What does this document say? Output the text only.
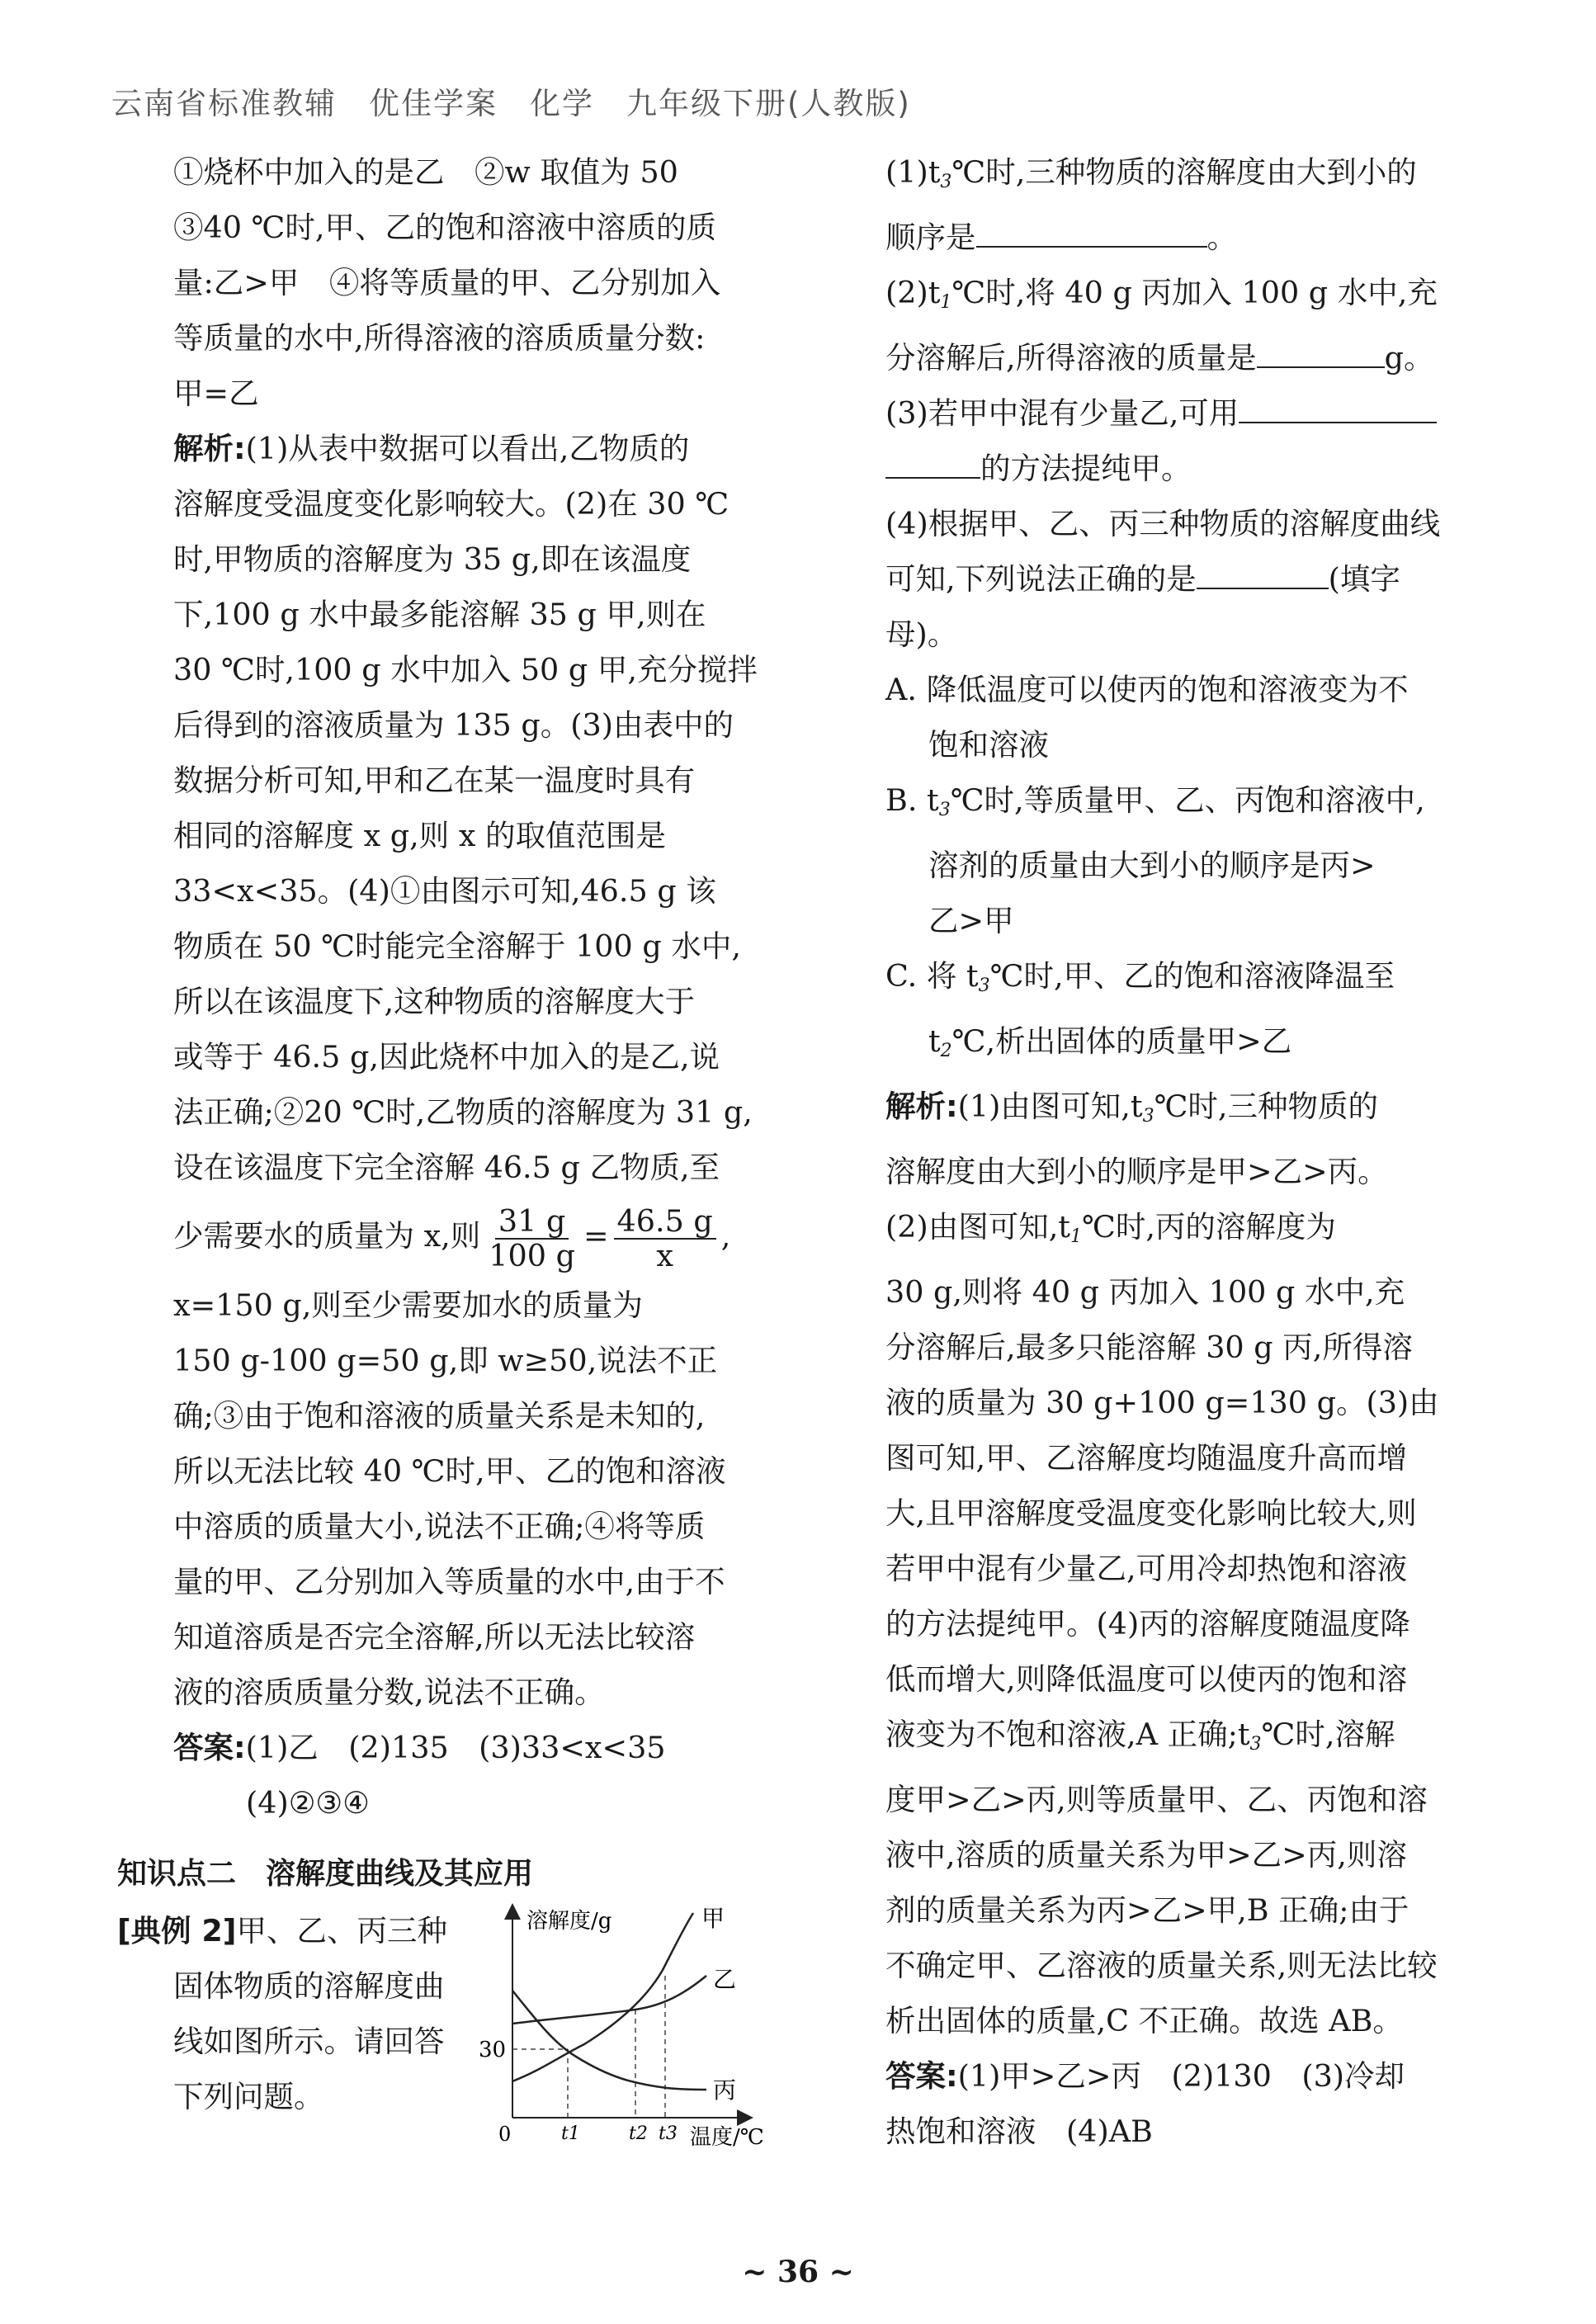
云南省标准教辅　优佳学案　化学　九年级下册(人教版)

①烧杯中加入的是乙　②w 取值为 50

③40 ℃时,甲、乙的饱和溶液中溶质的质

量:乙>甲　④将等质量的甲、乙分别加入

等质量的水中,所得溶液的溶质质量分数:

甲=乙

解析:(1)从表中数据可以看出,乙物质的

溶解度受温度变化影响较大。(2)在 30 ℃

时,甲物质的溶解度为 35 g,即在该温度

下,100 g 水中最多能溶解 35 g 甲,则在

30 ℃时,100 g 水中加入 50 g 甲,充分搅拌

后得到的溶液质量为 135 g。(3)由表中的

数据分析可知,甲和乙在某一温度时具有

相同的溶解度 x g,则 x 的取值范围是

33<x<35。(4)①由图示可知,46.5 g 该

物质在 50 ℃时能完全溶解于 100 g 水中,

所以在该温度下,这种物质的溶解度大于

或等于 46.5 g,因此烧杯中加入的是乙,说

法正确;②20 ℃时,乙物质的溶解度为 31 g,

设在该温度下完全溶解 46.5 g 乙物质,至

少需要水的质量为 x,则 $\frac{31 g}{100 g} = \frac{46.5 g}{x}$ ,

x=150 g,则至少需要加水的质量为

150 g-100 g=50 g,即 w≥50,说法不正

确;③由于饱和溶液的质量关系是未知的,

所以无法比较 40 ℃时,甲、乙的饱和溶液

中溶质的质量大小,说法不正确;④将等质

量的甲、乙分别加入等质量的水中,由于不

知道溶质是否完全溶解,所以无法比较溶

液的溶质质量分数,说法不正确。

答案:(1)乙　(2)135　(3)33<x<35

(4)②③④

知识点二　溶解度曲线及其应用

[典例 2]甲、乙、丙三种

固体物质的溶解度曲

线如图所示。请回答

下列问题。

溶解度/g
温度/℃
0
30
t1	t2 t3
甲
乙
丙

$(1)t_3℃$时,三种物质的溶解度由大到小的

顺序是	。

$(2)t_1℃$时,将 40 g 丙加入 100 g 水中,充

分溶解后,所得溶液的质量是	g。

(3)若甲中混有少量乙,可用

的方法提纯甲。

(4)根据甲、乙、丙三种物质的溶解度曲线

可知,下列说法正确的是	(填字

母)。

A. 降低温度可以使丙的饱和溶液变为不

饱和溶液

B. $t_3℃$时,等质量甲、乙、丙饱和溶液中,

溶剂的质量由大到小的顺序是丙>

乙>甲

C. 将 $t_3℃$时,甲、乙的饱和溶液降温至

$t_2℃$,析出固体的质量甲>乙

解析:(1)由图可知$,t_3℃$时,三种物质的

溶解度由大到小的顺序是甲>乙>丙。

(2)由图可知$,t_1℃$时,丙的溶解度为

30 g,则将 40 g 丙加入 100 g 水中,充

分溶解后,最多只能溶解 30 g 丙,所得溶

液的质量为 30 g+100 g=130 g。(3)由

图可知,甲、乙溶解度均随温度升高而增

大,且甲溶解度受温度变化影响比较大,则

若甲中混有少量乙,可用冷却热饱和溶液

的方法提纯甲。(4)丙的溶解度随温度降

低而增大,则降低温度可以使丙的饱和溶

液变为不饱和溶液,A 正确$;t_3℃$时,溶解

度甲>乙>丙,则等质量甲、乙、丙饱和溶

液中,溶质的质量关系为甲>乙>丙,则溶

剂的质量关系为丙>乙>甲,B 正确;由于

不确定甲、乙溶液的质量关系,则无法比较

析出固体的质量,C 不正确。故选 AB。

答案:(1)甲>乙>丙　(2)130　(3)冷却

热饱和溶液　(4)AB

~ 36 ~
